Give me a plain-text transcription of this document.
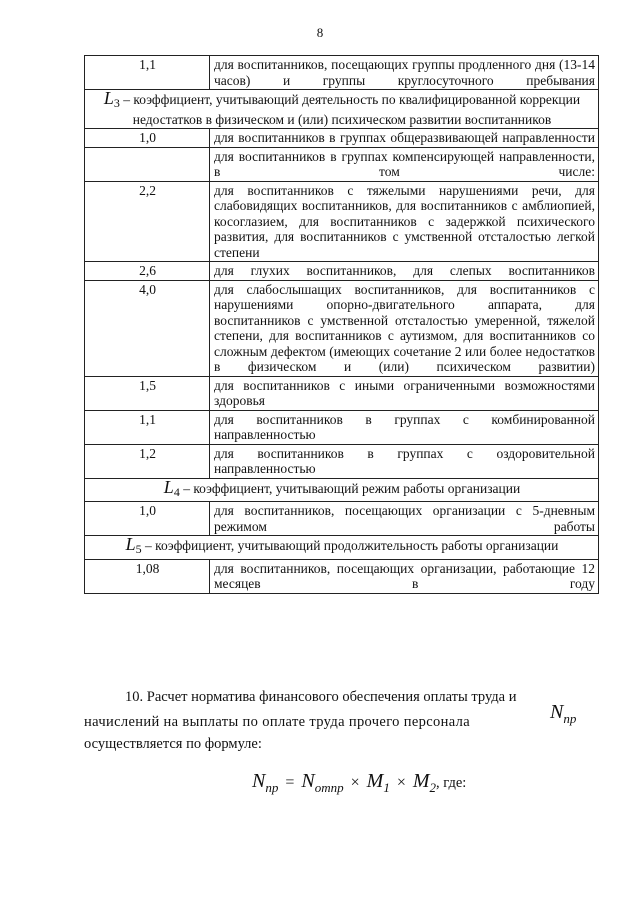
8
1,1	для воспитанников, посещающих группы продленного дня (13-14 часов) и группы круглосуточного пребывания
$L_3$ – коэффициент, учитывающий деятельность по квалифицированной коррекции недостатков в физическом и (или) психическом развитии воспитанников	
1,0	для воспитанников в группах общеразвивающей направленности
	для воспитанников в группах компенсирующей направленности, в том числе:
2,2	для воспитанников с тяжелыми нарушениями речи, для слабовидящих воспитанников, для воспитанников с амблиопией, косоглазием, для воспитанников с задержкой психического развития, для воспитанников с умственной отсталостью легкой степени
2,6	для глухих воспитанников, для слепых воспитанников
4,0	для слабослышащих воспитанников, для воспитанников с нарушениями опорно-двигательного аппарата, для воспитанников с умственной отсталостью умеренной, тяжелой степени, для воспитанников с аутизмом, для воспитанников со сложным дефектом (имеющих сочетание 2 или более недостатков в физическом и (или) психическом развитии)
1,5	для воспитанников с иными ограниченными возможностями здоровья
1,1	для воспитанников в группах с комбинированной направленностью
1,2	для воспитанников в группах с оздоровительной направленностью
$L_4$ – коэффициент, учитывающий режим работы организации	
1,0	для воспитанников, посещающих организации с 5-дневным режимом работы
$L_5$ – коэффициент, учитывающий продолжительность работы организации	
1,08	для воспитанников, посещающих организации, работающие 12 месяцев в году
10. Расчет норматива финансового обеспечения оплаты труда и
начислений на выплаты по оплате труда прочего персонала	$N_{пр}$
осуществляется по формуле:
$N_{пр} = N_{отпр} \times M_1 \times M_2$, где:
